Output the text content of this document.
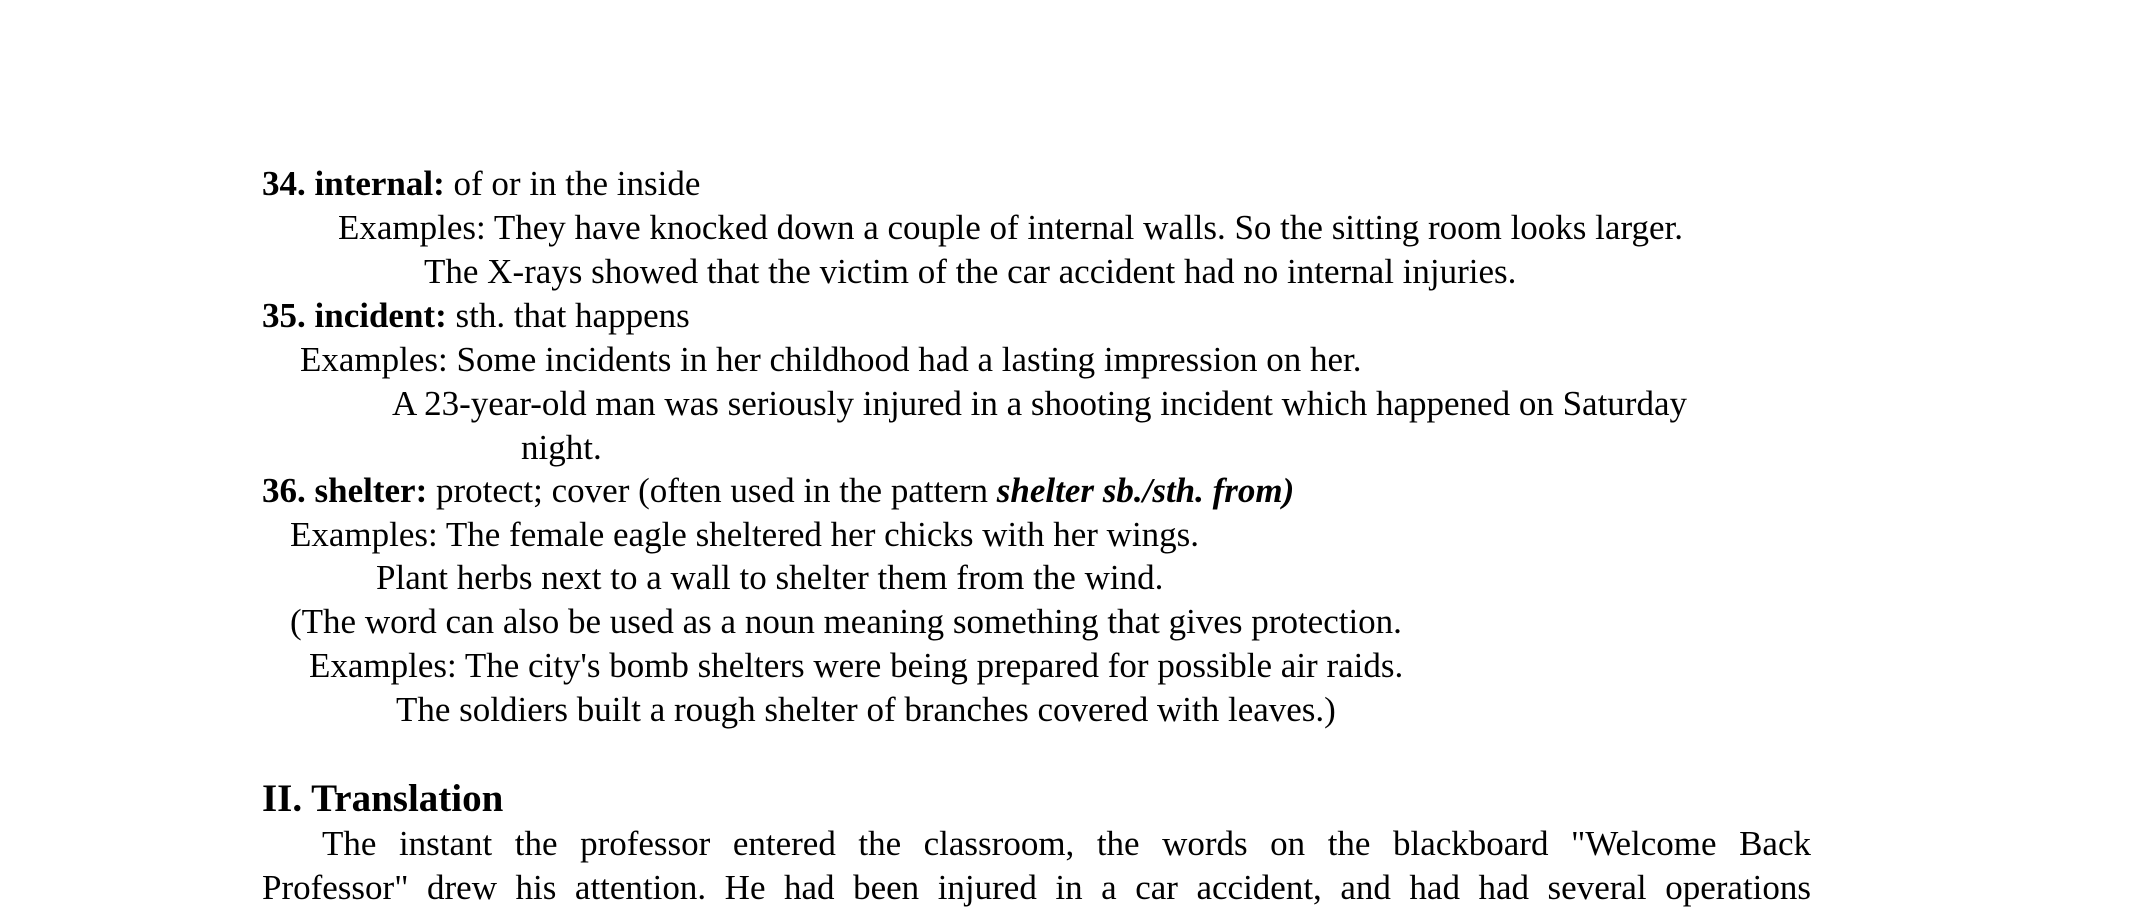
34. internal: of or in the inside
Examples: They have knocked down a couple of internal walls. So the sitting room looks larger.
The X-rays showed that the victim of the car accident had no internal injuries.
35. incident: sth. that happens
Examples: Some incidents in her childhood had a lasting impression on her.
A 23-year-old man was seriously injured in a shooting incident which happened on Saturday
night.
36. shelter: protect; cover (often used in the pattern shelter sb./sth. from)
Examples: The female eagle sheltered her chicks with her wings.
Plant herbs next to a wall to shelter them from the wind.
(The word can also be used as a noun meaning something that gives protection.
Examples: The city's bomb shelters were being prepared for possible air raids.
The soldiers built a rough shelter of branches covered with leaves.)
II. Translation
The instant the professor entered the classroom, the words on the blackboard "Welcome Back
Professor" drew his attention. He had been injured in a car accident, and had had several operations
